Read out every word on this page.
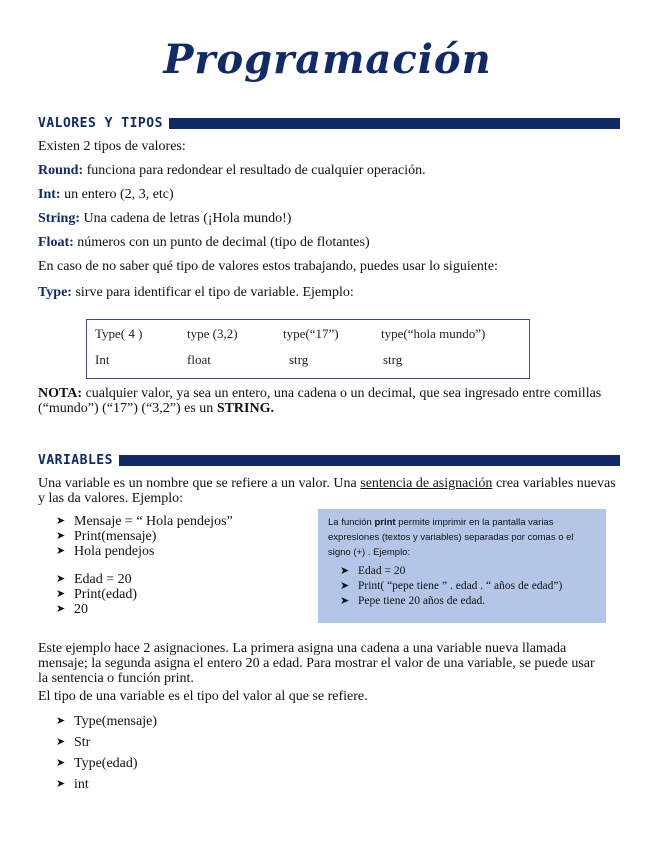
Programación
VALORES Y TIPOS
Existen 2 tipos de valores:
Round: funciona para redondear el resultado de cualquier operación.
Int: un entero (2, 3, etc)
String: Una cadena de letras (¡Hola mundo!)
Float: números con un punto de decimal (tipo de flotantes)
En caso de no saber qué tipo de valores estos trabajando, puedes usar lo siguiente:
Type: sirve para identificar el tipo de variable. Ejemplo:
Type( 4 )	type (3,2)	type(“17”)	type(“hola mundo”)
Int	float	strg	strg
NOTA: cualquier valor, ya sea un entero, una cadena o un decimal, que sea ingresado entre comillas
(“mundo”) (“17”) (“3,2”) es un STRING.
VARIABLES
Una variable es un nombre que se refiere a un valor. Una sentencia de asignación crea variables nuevas
y las da valores. Ejemplo:
➤ Mensaje = “ Hola pendejos”
➤ Print(mensaje)
➤ Hola pendejos
➤ Edad = 20
➤ Print(edad)
➤ 20
La función print permite imprimir en la pantalla varias
expresiones (textos y variables) separadas por comas o el
signo (+) . Ejemplo:
➤ Edad = 20
➤ Print( “pepe tiene ” . edad . “ años de edad”)
➤ Pepe tiene 20 años de edad.
Este ejemplo hace 2 asignaciones. La primera asigna una cadena a una variable nueva llamada
mensaje; la segunda asigna el entero 20 a edad. Para mostrar el valor de una variable, se puede usar
la sentencia o función print.
El tipo de una variable es el tipo del valor al que se refiere.
➤ Type(mensaje)
➤ Str
➤ Type(edad)
➤ int
